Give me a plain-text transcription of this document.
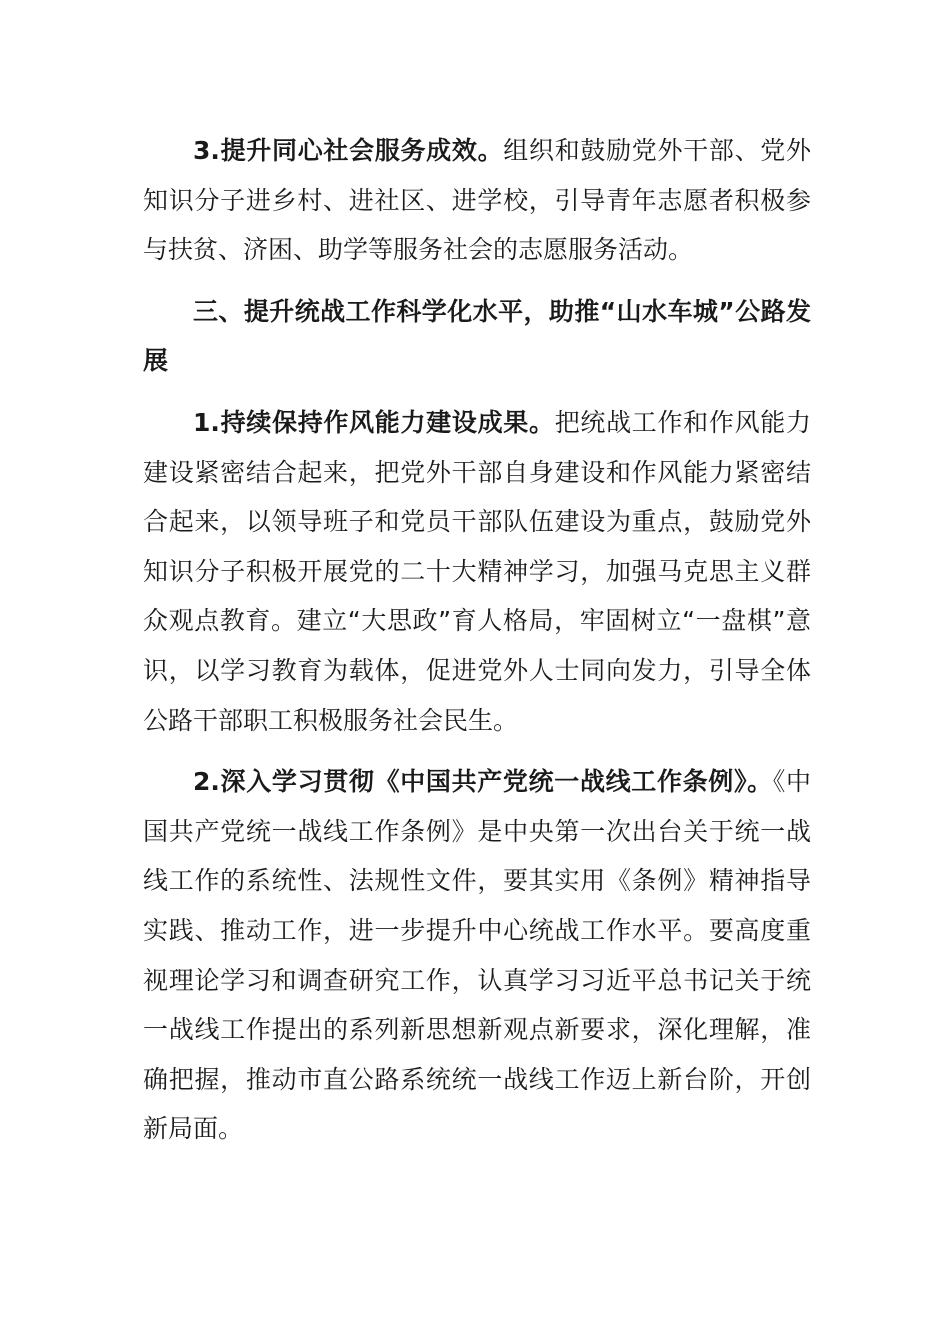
3.提升同心社会服务成效。组织和鼓励党外干部、党外知识分子进乡村、进社区、进学校，引导青年志愿者积极参与扶贫、济困、助学等服务社会的志愿服务活动。

三、提升统战工作科学化水平，助推“山水车城”公路发展

1.持续保持作风能力建设成果。把统战工作和作风能力建设紧密结合起来，把党外干部自身建设和作风能力紧密结合起来，以领导班子和党员干部队伍建设为重点，鼓励党外知识分子积极开展党的二十大精神学习，加强马克思主义群众观点教育。建立“大思政”育人格局，牢固树立“一盘棋”意识，以学习教育为载体，促进党外人士同向发力，引导全体公路干部职工积极服务社会民生。

2.深入学习贯彻《中国共产党统一战线工作条例》。《中国共产党统一战线工作条例》是中央第一次出台关于统一战线工作的系统性、法规性文件，要其实用《条例》精神指导实践、推动工作，进一步提升中心统战工作水平。要高度重视理论学习和调查研究工作，认真学习习近平总书记关于统一战线工作提出的系列新思想新观点新要求，深化理解，准确把握，推动市直公路系统统一战线工作迈上新台阶，开创新局面。
